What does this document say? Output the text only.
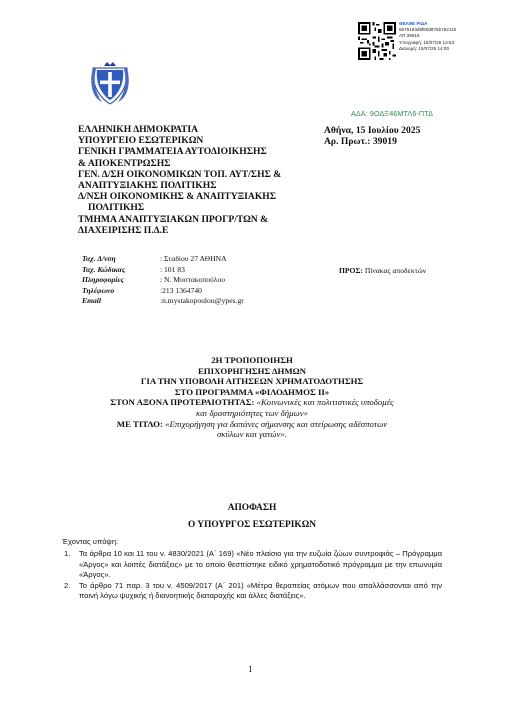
ΘΕΛΘΕ ΡΙΔΑ
5576193d9f60d976b75211b
ΑΠ 39019
Υπογραφή: 15/07/25 13:53
Διανομή: 15/07/25 14:00
ΑΔΑ: 9ΟΔΞ46ΜΤΛ6-ΠΤΔ
ΕΛΛΗΝΙΚΗ ΔΗΜΟΚΡΑΤΙΑ
ΥΠΟΥΡΓΕΙΟ ΕΣΩΤΕΡΙΚΩΝ
ΓΕΝΙΚΗ ΓΡΑΜΜΑΤΕΙΑ ΑΥΤΟΔΙΟΙΚΗΣΗΣ
& ΑΠΟΚΕΝΤΡΩΣΗΣ
ΓΕΝ. Δ/ΣΗ ΟΙΚΟΝΟΜΙΚΩΝ ΤΟΠ. ΑΥΤ/ΣΗΣ &
ΑΝΑΠΤΥΞΙΑΚΗΣ ΠΟΛΙΤΙΚΗΣ
Δ/ΝΣΗ ΟΙΚΟΝΟΜΙΚΗΣ & ΑΝΑΠΤΥΞΙΑΚΗΣ
ΠΟΛΙΤΙΚΗΣ
ΤΜΗΜΑ ΑΝΑΠΤΥΞΙΑΚΩΝ ΠΡΟΓΡ/ΤΩΝ &
ΔΙΑΧΕΙΡΙΣΗΣ Π.Δ.Ε
Αθήνα, 15 Ιουλίου 2025
Αρ. Πρωτ.: 39019
Ταχ. Δ/νση	: Σταδίου 27 ΑΘΗΝΑ
Ταχ. Κώδικας	: 101 83
Πληροφορίες	: Ν. Μυστακοπούλου
Τηλέφωνο	:213 1364740
Email	:n.mystakopoulou@ypes.gr
ΠΡΟΣ: Πίνακας αποδεκτών
2Η ΤΡΟΠΟΠΟΙΗΣΗ
ΕΠΙΧΟΡΗΓΗΣΗΣ ΔΗΜΩΝ
ΓΙΑ ΤΗΝ ΥΠΟΒΟΛΗ ΑΙΤΗΣΕΩΝ ΧΡΗΜΑΤΟΔΟΤΗΣΗΣ
ΣΤΟ ΠΡΟΓΡΑΜΜΑ «ΦΙΛΟΔΗΜΟΣ ΙΙ»
ΣΤΟΝ ΑΞΟΝΑ ΠΡΟΤΕΡΑΙΟΤΗΤΑΣ: «Κοινωνικές και πολιτιστικές υποδομές
και δραστηριότητες των δήμων»
ΜΕ ΤΙΤΛΟ: «Επιχορήγηση για δαπάνες σήμανσης και στείρωσης αδέσποτων
σκύλων και γατών».
ΑΠΟΦΑΣΗ
Ο ΥΠΟΥΡΓΟΣ ΕΣΩΤΕΡΙΚΩΝ
Έχοντας υπόψη:
1. Τα άρθρα 10 και 11 του ν. 4830/2021 (Α΄ 169) «Νέο πλαίσιο για την ευζωία ζώων συντροφιάς – Πρόγραμμα «Άργος» και λοιπές διατάξεις» με το οποίο θεσπίστηκε ειδικό χρηματοδοτικό πρόγραμμα με την επωνυμία «Άργος».
2. Το άρθρο 71 παρ. 3 του ν. 4509/2017 (Α΄ 201) «Μέτρα θεραπείας ατόμων που απαλλάσσονται από την ποινή λόγω ψυχικής ή διανοητικής διαταραχής και άλλες διατάξεις».
1
